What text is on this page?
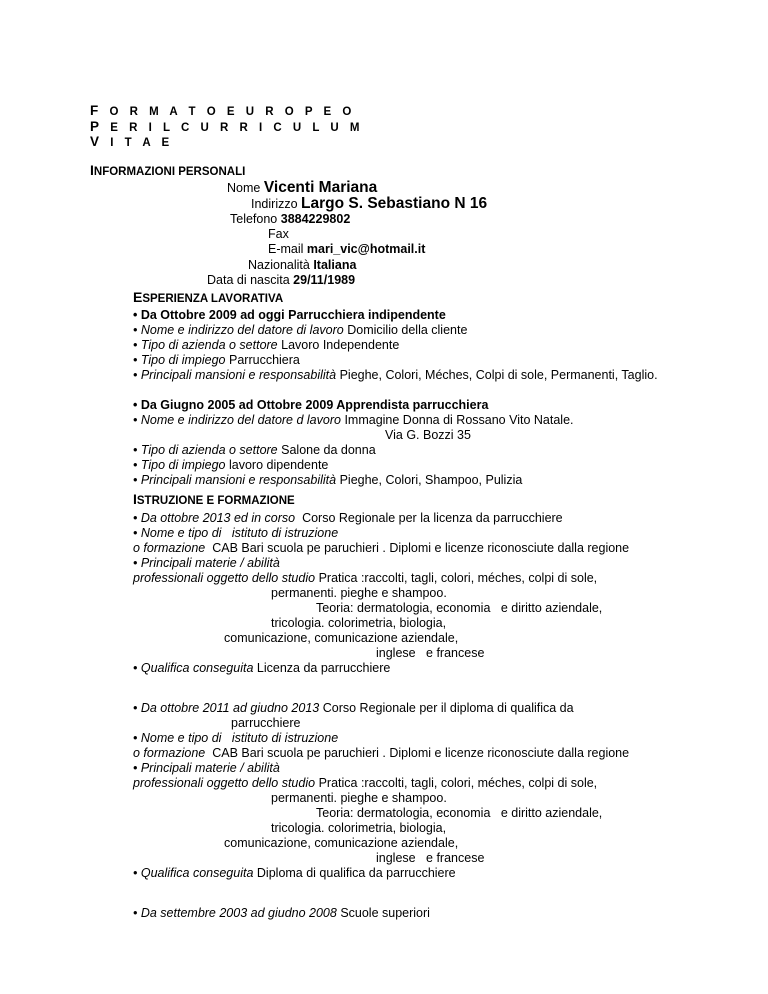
F O R M A T O E U R O P E O
P E R I L C U R R I C U L U M
V I T A E
INFORMAZIONI PERSONALI
Nome Vicenti Mariana
Indirizzo Largo S. Sebastiano N 16
Telefono 3884229802
Fax
E-mail mari_vic@hotmail.it
Nazionalità Italiana
Data di nascita 29/11/1989
ESPERIENZA LAVORATIVA
• Da Ottobre 2009 ad oggi Parrucchiera indipendente
• Nome e indirizzo del datore di lavoro Domicilio della cliente
• Tipo di azienda o settore Lavoro Independente
• Tipo di impiego Parrucchiera
• Principali mansioni e responsabilità Pieghe, Colori, Méches, Colpi di sole, Permanenti, Taglio.
• Da Giugno 2005 ad Ottobre 2009 Apprendista parrucchiera
• Nome e indirizzo del datore d lavoro Immagine Donna di Rossano Vito Natale.
Via G. Bozzi 35
• Tipo di azienda o settore Salone da donna
• Tipo di impiego lavoro dipendente
• Principali mansioni e responsabilità Pieghe, Colori, Shampoo, Pulizia
ISTRUZIONE E FORMAZIONE
• Da ottobre 2013 ed in corso  Corso Regionale per la licenza da parrucchiere
• Nome e tipo di   istituto di istruzione
o formazione  CAB Bari scuola pe paruchieri . Diplomi e licenze riconosciute dalla regione
• Principali materie / abilità
professionali oggetto dello studio Pratica :raccolti, tagli, colori, méches, colpi di sole,
permanenti. pieghe e shampoo.
Teoria: dermatologia, economia   e diritto aziendale,
tricologia. colorimetria, biologia,
comunicazione, comunicazione aziendale,
inglese   e francese
• Qualifica conseguita Licenza da parrucchiere
• Da ottobre 2011 ad giudno 2013 Corso Regionale per il diploma di qualifica da
parrucchiere
• Nome e tipo di   istituto di istruzione
o formazione  CAB Bari scuola pe paruchieri . Diplomi e licenze riconosciute dalla regione
• Principali materie / abilità
professionali oggetto dello studio Pratica :raccolti, tagli, colori, méches, colpi di sole,
permanenti. pieghe e shampoo.
Teoria: dermatologia, economia   e diritto aziendale,
tricologia. colorimetria, biologia,
comunicazione, comunicazione aziendale,
inglese   e francese
• Qualifica conseguita Diploma di qualifica da parrucchiere
• Da settembre 2003 ad giudno 2008 Scuole superiori
